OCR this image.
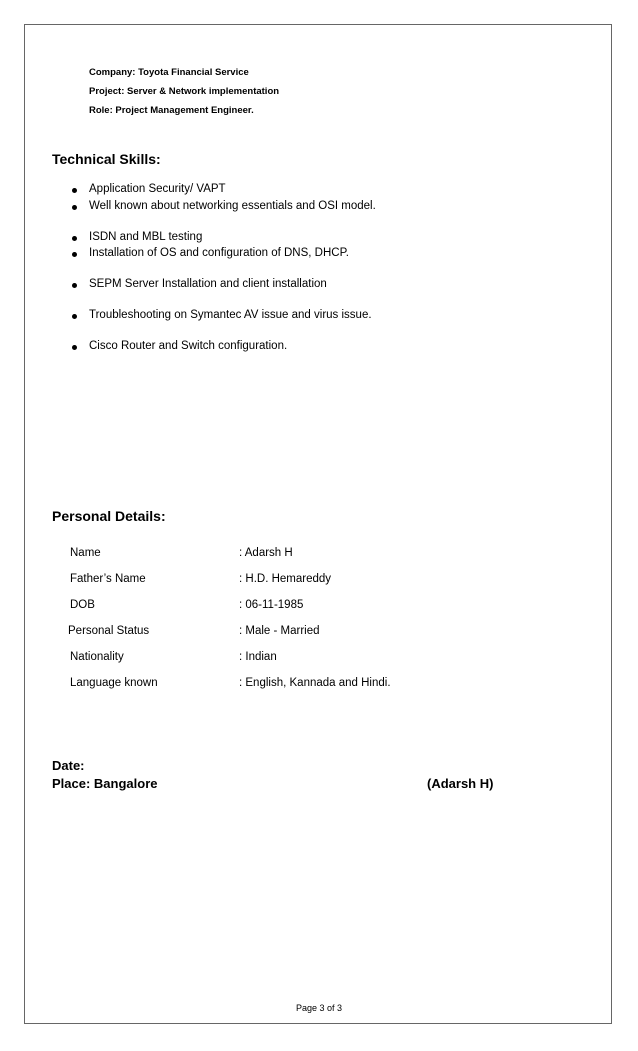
Company: Toyota Financial Service
Project: Server & Network implementation
Role: Project Management Engineer.
Technical Skills:
Application Security/ VAPT
Well known about networking essentials and OSI model.
ISDN and MBL testing
Installation of OS and configuration of DNS, DHCP.
SEPM Server Installation and client installation
Troubleshooting on Symantec AV issue and virus issue.
Cisco Router and Switch configuration.
Personal Details:
Name	: Adarsh H
Father’s Name	: H.D. Hemareddy
DOB	: 06-11-1985
Personal Status	: Male - Married
Nationality	: Indian
Language known	: English, Kannada and Hindi.
Date:
Place: Bangalore	(Adarsh H)
Page 3 of 3
